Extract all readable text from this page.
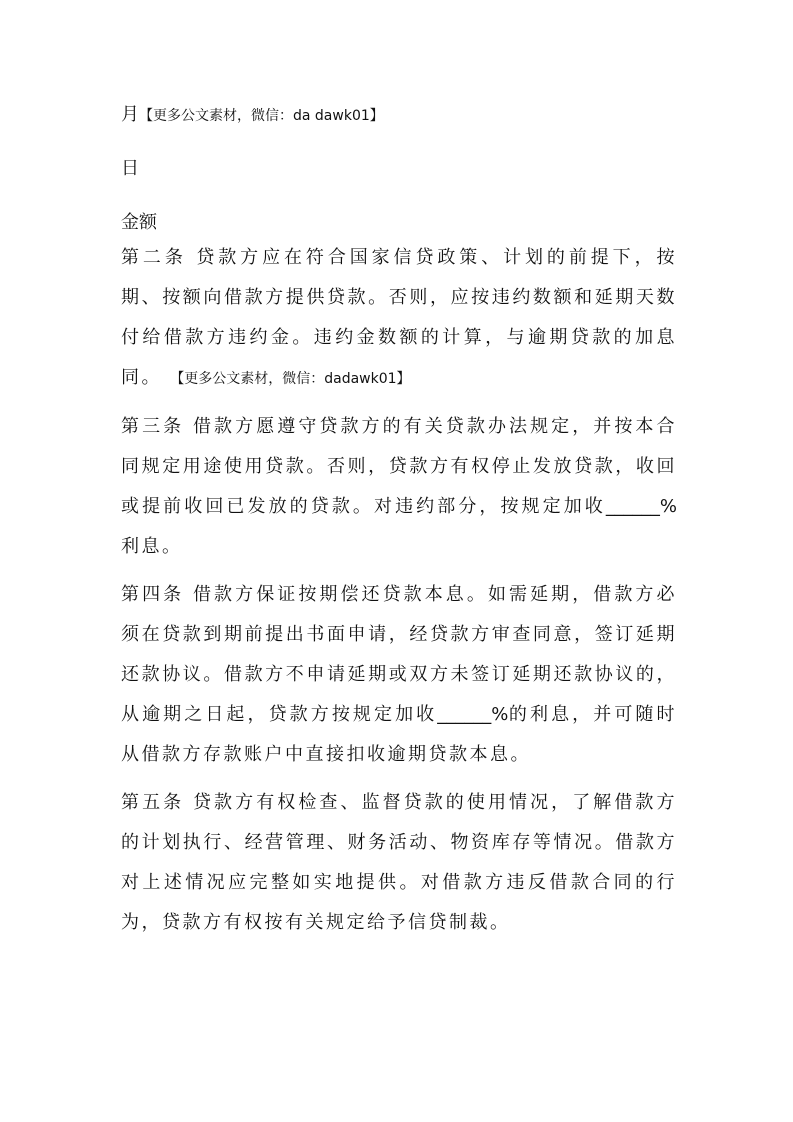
月【更多公文素材，微信：da dawk01】
日
金额

第二条 贷款方应在符合国家信贷政策、计划的前提下，按期、按额向借款方提供贷款。否则，应按违约数额和延期天数付给借款方违约金。违约金数额的计算，与逾期贷款的加息同。 【更多公文素材，微信：dadawk01】

第三条 借款方愿遵守贷款方的有关贷款办法规定，并按本合同规定用途使用贷款。否则，贷款方有权停止发放贷款，收回或提前收回已发放的贷款。对违约部分，按规定加收______%利息。

第四条 借款方保证按期偿还贷款本息。如需延期，借款方必须在贷款到期前提出书面申请，经贷款方审查同意，签订延期还款协议。借款方不申请延期或双方未签订延期还款协议的，从逾期之日起，贷款方按规定加收______%的利息，并可随时从借款方存款账户中直接扣收逾期贷款本息。

第五条 贷款方有权检查、监督贷款的使用情况，了解借款方的计划执行、经营管理、财务活动、物资库存等情况。借款方对上述情况应完整如实地提供。对借款方违反借款合同的行为，贷款方有权按有关规定给予信贷制裁。
